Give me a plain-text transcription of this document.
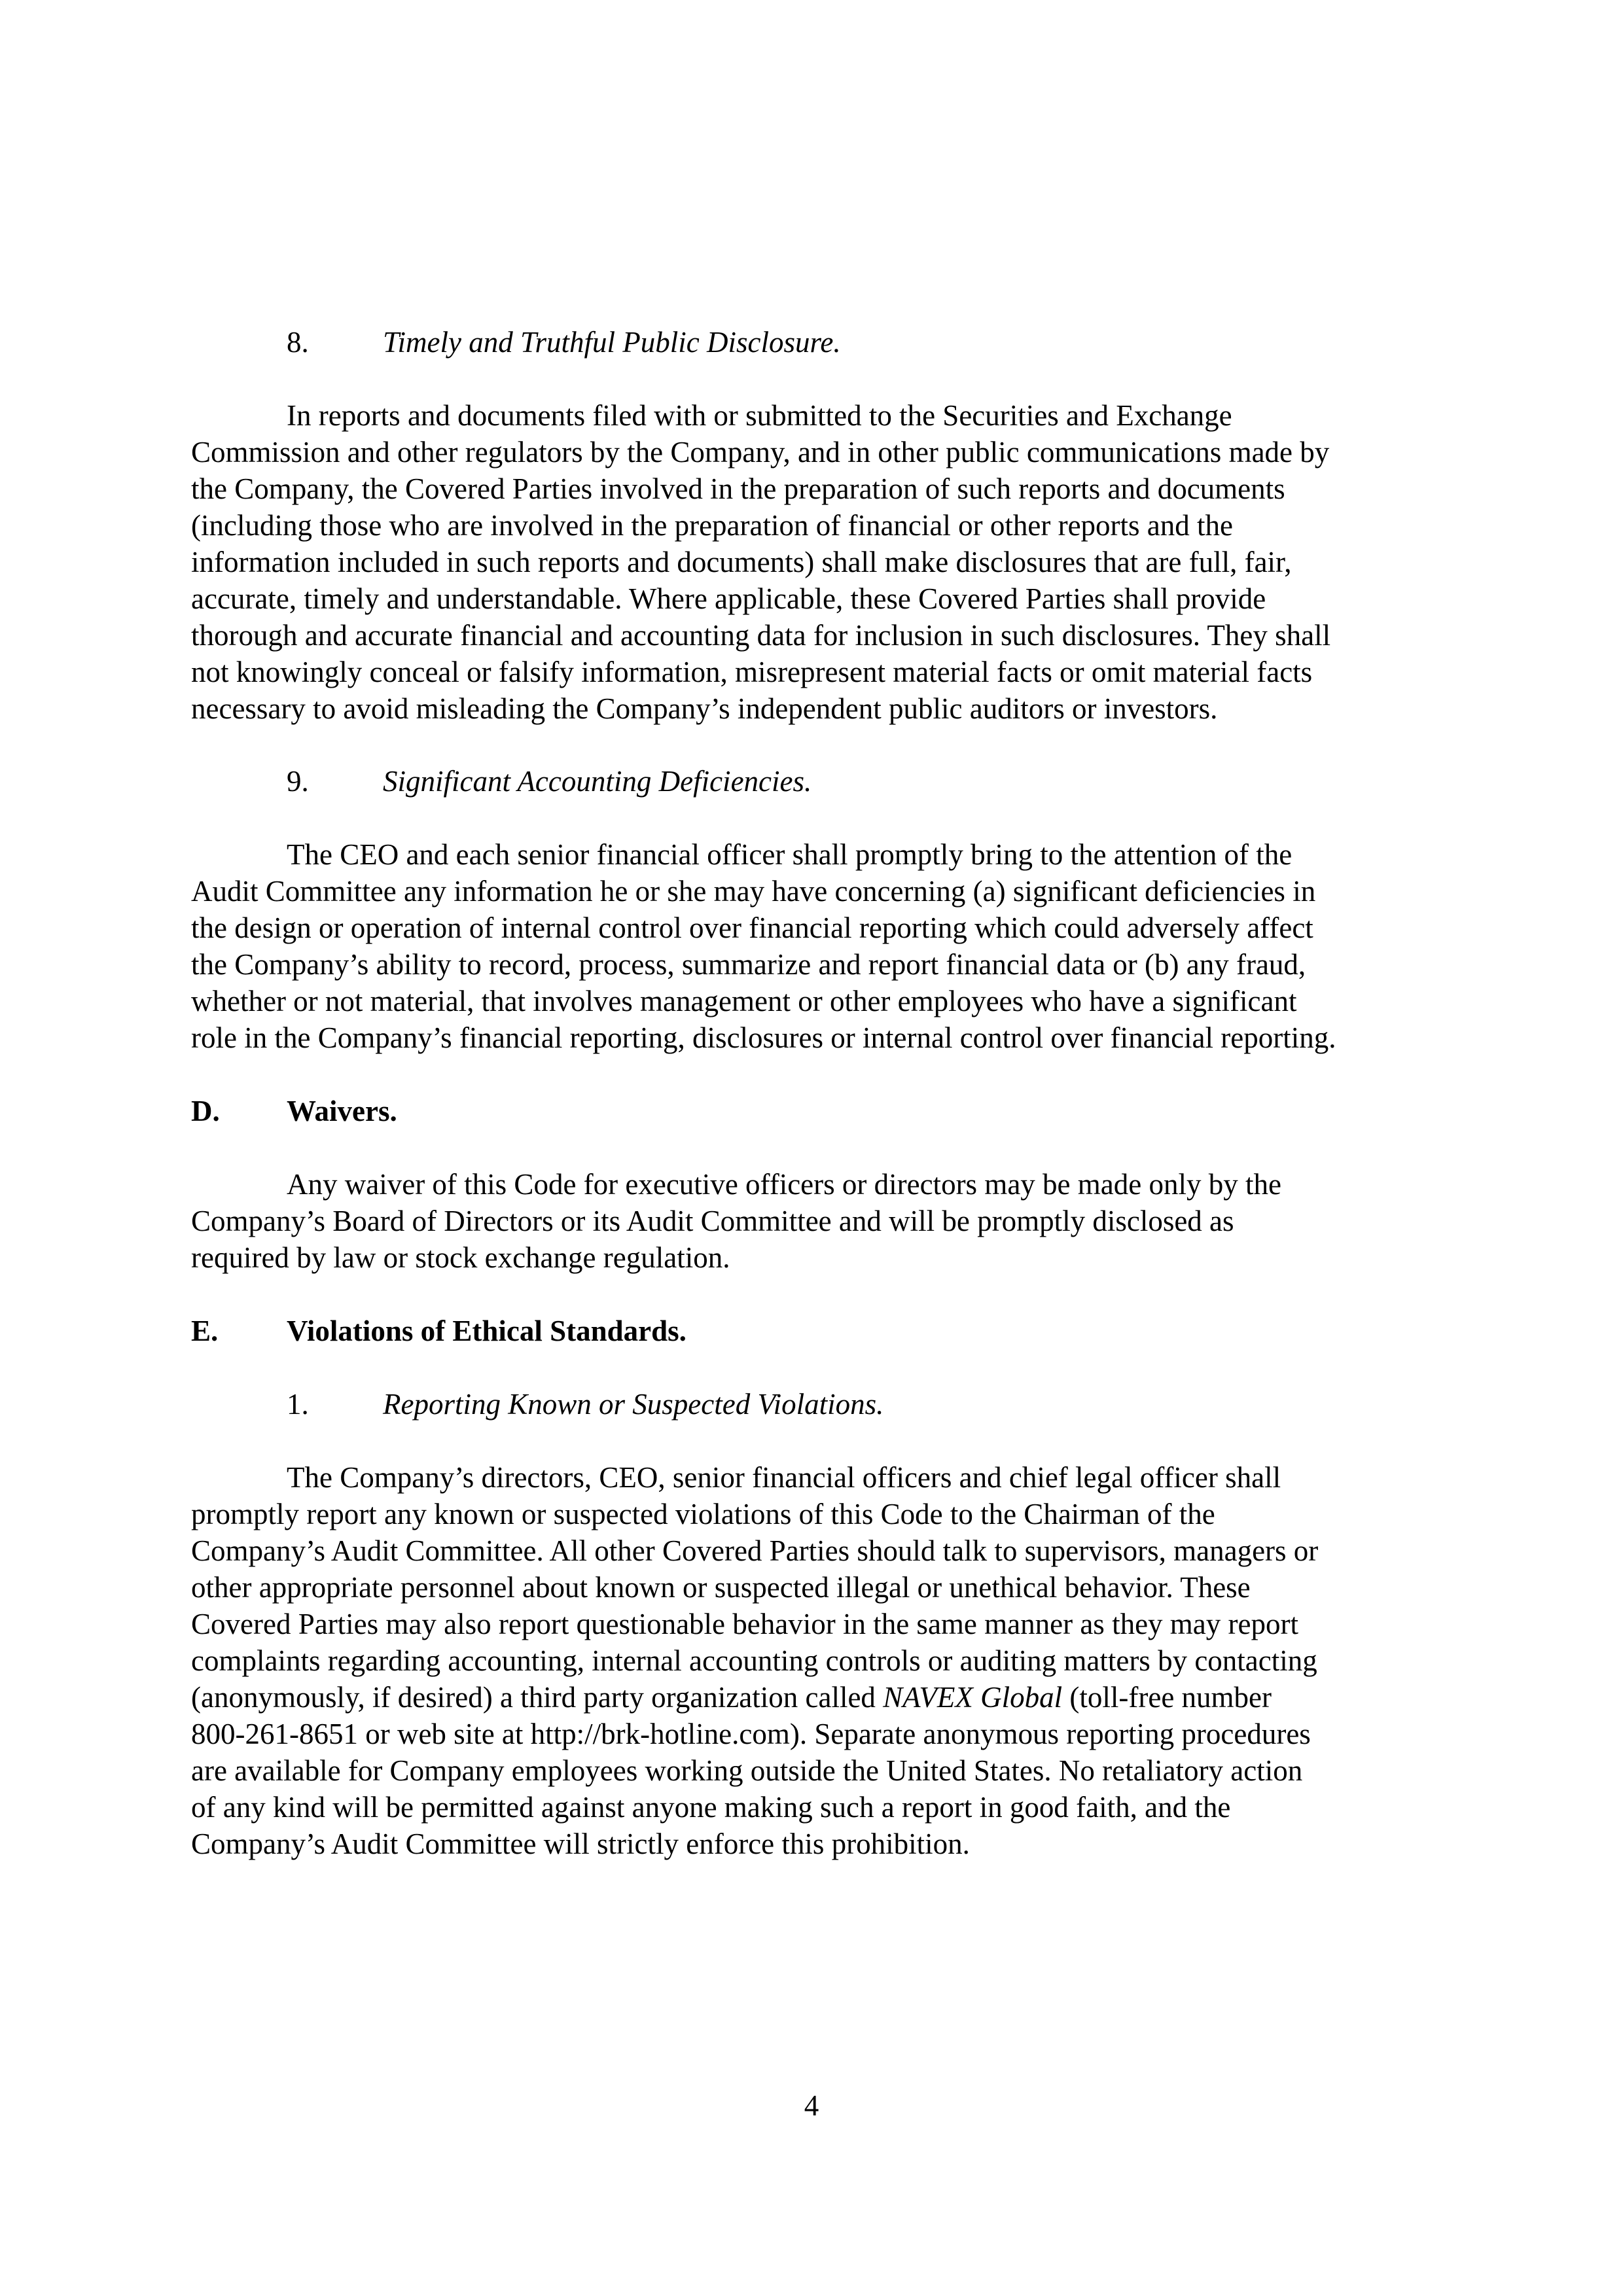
8.	Timely and Truthful Public Disclosure.

In reports and documents filed with or submitted to the Securities and Exchange

Commission and other regulators by the Company, and in other public communications made by

the Company, the Covered Parties involved in the preparation of such reports and documents

(including those who are involved in the preparation of financial or other reports and the

information included in such reports and documents) shall make disclosures that are full, fair,

accurate, timely and understandable. Where applicable, these Covered Parties shall provide

thorough and accurate financial and accounting data for inclusion in such disclosures. They shall

not knowingly conceal or falsify information, misrepresent material facts or omit material facts

necessary to avoid misleading the Company’s independent public auditors or investors.

9.	Significant Accounting Deficiencies.

The CEO and each senior financial officer shall promptly bring to the attention of the

Audit Committee any information he or she may have concerning (a) significant deficiencies in

the design or operation of internal control over financial reporting which could adversely affect

the Company’s ability to record, process, summarize and report financial data or (b) any fraud,

whether or not material, that involves management or other employees who have a significant

role in the Company’s financial reporting, disclosures or internal control over financial reporting.

D. Waivers.

Any waiver of this Code for executive officers or directors may be made only by the

Company’s Board of Directors or its Audit Committee and will be promptly disclosed as

required by law or stock exchange regulation.

E. Violations of Ethical Standards.

1.	Reporting Known or Suspected Violations.

The Company’s directors, CEO, senior financial officers and chief legal officer shall

promptly report any known or suspected violations of this Code to the Chairman of the

Company’s Audit Committee. All other Covered Parties should talk to supervisors, managers or

other appropriate personnel about known or suspected illegal or unethical behavior. These

Covered Parties may also report questionable behavior in the same manner as they may report

complaints regarding accounting, internal accounting controls or auditing matters by contacting

(anonymously, if desired) a third party organization called NAVEX Global (toll-free number

800-261-8651 or web site at http://brk-hotline.com). Separate anonymous reporting procedures

are available for Company employees working outside the United States. No retaliatory action

of any kind will be permitted against anyone making such a report in good faith, and the

Company’s Audit Committee will strictly enforce this prohibition.

4
